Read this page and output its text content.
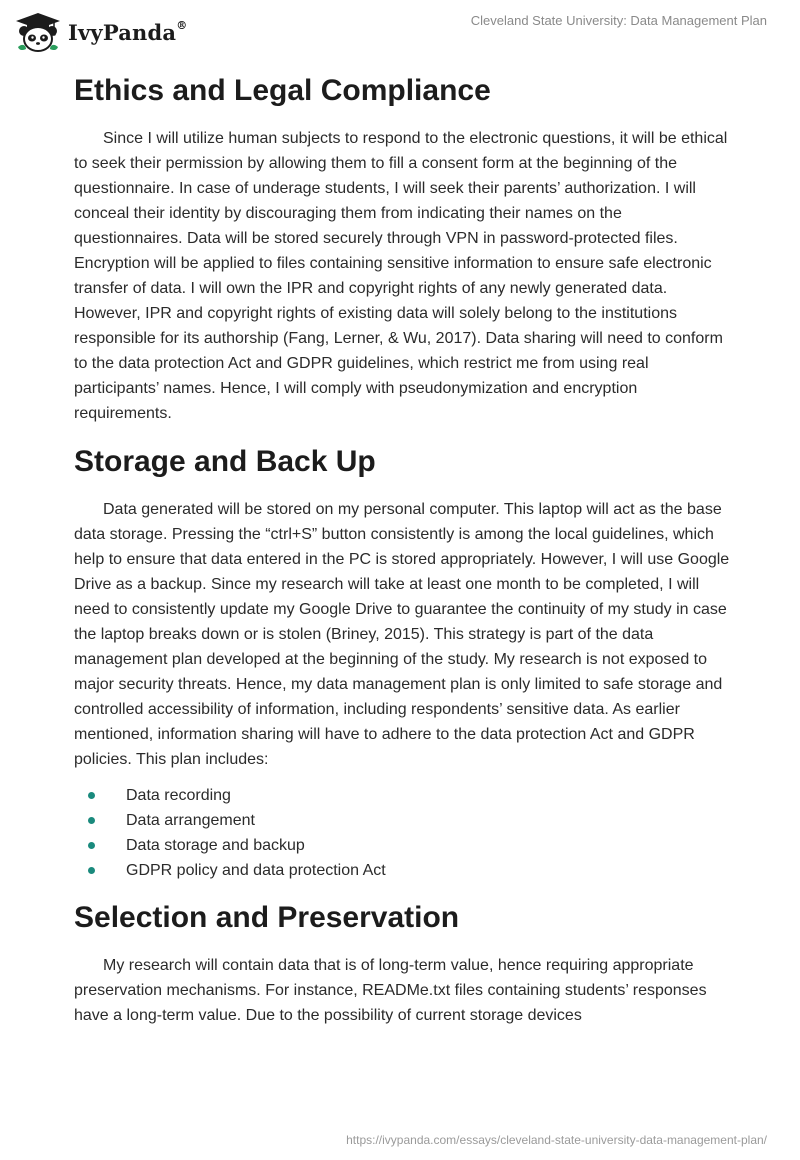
IvyPanda®	Cleveland State University: Data Management Plan
Ethics and Legal Compliance

Since I will utilize human subjects to respond to the electronic questions, it will be ethical to seek their permission by allowing them to fill a consent form at the beginning of the questionnaire. In case of underage students, I will seek their parents’ authorization. I will conceal their identity by discouraging them from indicating their names on the questionnaires. Data will be stored securely through VPN in password-protected files. Encryption will be applied to files containing sensitive information to ensure safe electronic transfer of data. I will own the IPR and copyright rights of any newly generated data. However, IPR and copyright rights of existing data will solely belong to the institutions responsible for its authorship (Fang, Lerner, & Wu, 2017). Data sharing will need to conform to the data protection Act and GDPR guidelines, which restrict me from using real participants’ names. Hence, I will comply with pseudonymization and encryption requirements.

Storage and Back Up

Data generated will be stored on my personal computer. This laptop will act as the base data storage. Pressing the “ctrl+S” button consistently is among the local guidelines, which help to ensure that data entered in the PC is stored appropriately. However, I will use Google Drive as a backup. Since my research will take at least one month to be completed, I will need to consistently update my Google Drive to guarantee the continuity of my study in case the laptop breaks down or is stolen (Briney, 2015). This strategy is part of the data management plan developed at the beginning of the study. My research is not exposed to major security threats. Hence, my data management plan is only limited to safe storage and controlled accessibility of information, including respondents’ sensitive data. As earlier mentioned, information sharing will have to adhere to the data protection Act and GDPR policies. This plan includes:

Data recording
Data arrangement
Data storage and backup
GDPR policy and data protection Act
Selection and Preservation

My research will contain data that is of long-term value, hence requiring appropriate preservation mechanisms. For instance, READMe.txt files containing students’ responses have a long-term value. Due to the possibility of current storage devices

https://ivypanda.com/essays/cleveland-state-university-data-management-plan/
